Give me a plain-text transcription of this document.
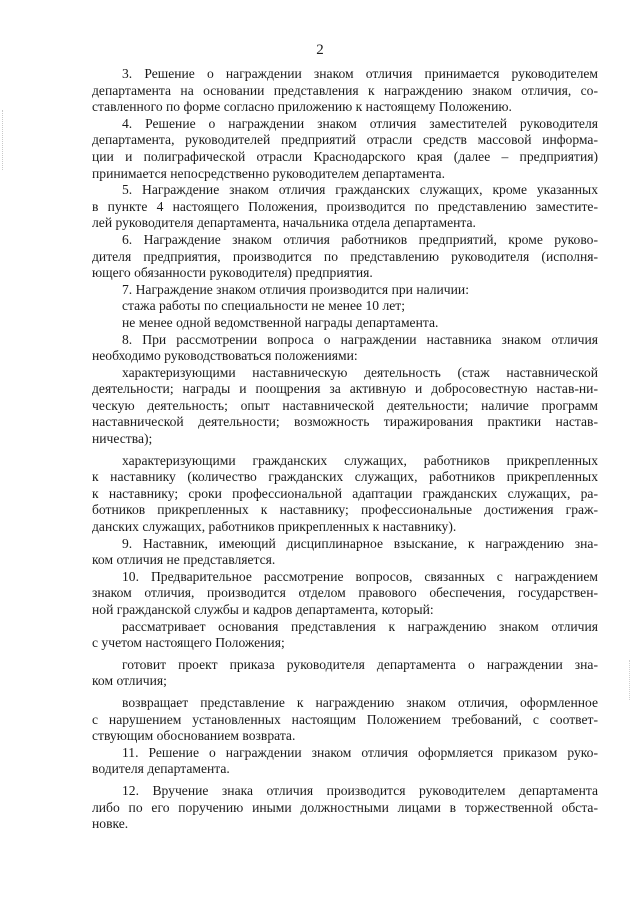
2

3. Решение о награждении знаком отличия принимается руководителем
департамента на основании представления к награждению знаком отличия, со-
ставленного по форме согласно приложению к настоящему Положению.

4. Решение о награждении знаком отличия заместителей руководителя
департамента, руководителей предприятий отрасли средств массовой информа-
ции и полиграфической отрасли Краснодарского края (далее – предприятия)
принимается непосредственно руководителем департамента.

5. Награждение знаком отличия гражданских служащих, кроме указанных
в пункте 4 настоящего Положения, производится по представлению заместите-
лей руководителя департамента, начальника отдела департамента.

6. Награждение знаком отличия работников предприятий, кроме руково-
дителя предприятия, производится по представлению руководителя (исполня-
ющего обязанности руководителя) предприятия.

7. Награждение знаком отличия производится при наличии:
стажа работы по специальности не менее 10 лет;
не менее одной ведомственной награды департамента.

8. При рассмотрении вопроса о награждении наставника знаком отличия
необходимо руководствоваться положениями:

характеризующими наставническую деятельность (стаж наставнической
деятельности; награды и поощрения за активную и добросовестную настав-ни-
ческую деятельность; опыт наставнической деятельности; наличие программ
наставнической деятельности; возможность тиражирования практики настав-
ничества);

характеризующими гражданских служащих, работников прикрепленных
к наставнику (количество гражданских служащих, работников прикрепленных
к наставнику; сроки профессиональной адаптации гражданских служащих, ра-
ботников прикрепленных к наставнику; профессиональные достижения граж-
данских служащих, работников прикрепленных к наставнику).

9. Наставник, имеющий дисциплинарное взыскание, к награждению зна-
ком отличия не представляется.

10. Предварительное рассмотрение вопросов, связанных с награждением
знаком отличия, производится отделом правового обеспечения, государствен-
ной гражданской службы и кадров департамента, который:

рассматривает основания представления к награждению знаком отличия
с учетом настоящего Положения;

готовит проект приказа руководителя департамента о награждении зна-
ком отличия;

возвращает представление к награждению знаком отличия, оформленное
с нарушением установленных настоящим Положением требований, с соответ-
ствующим обоснованием возврата.

11. Решение о награждении знаком отличия оформляется приказом руко-
водителя департамента.

12. Вручение знака отличия производится руководителем департамента
либо по его поручению иными должностными лицами в торжественной обста-
новке.
